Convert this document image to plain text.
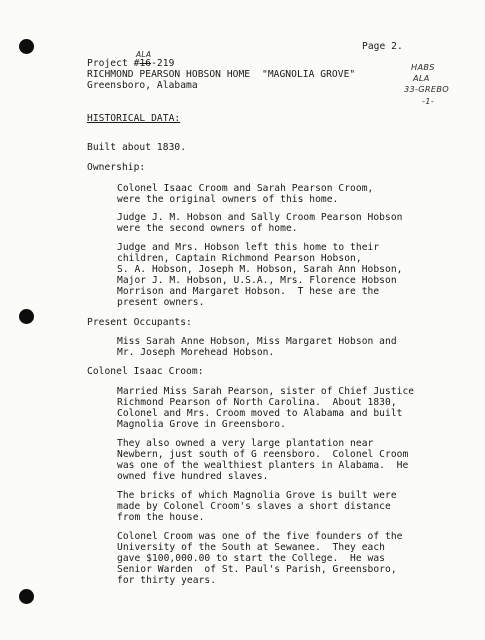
Page 2.
HABS
ALA
33-GREBO
-1-
ALA
Project #16-219
RICHMOND PEARSON HOBSON HOME "MAGNOLIA GROVE"
Greensboro, Alabama
HISTORICAL DATA:
Built about 1830.
Ownership:
Colonel Isaac Croom and Sarah Pearson Croom,
were the original owners of this home.
Judge J. M. Hobson and Sally Croom Pearson Hobson
were the second owners of home.
Judge and Mrs. Hobson left this home to their
children, Captain Richmond Pearson Hobson,
S. A. Hobson, Joseph M. Hobson, Sarah Ann Hobson,
Major J. M. Hobson, U.S.A., Mrs. Florence Hobson
Morrison and Margaret Hobson.  T hese are the
present owners.
Present Occupants:
Miss Sarah Anne Hobson, Miss Margaret Hobson and
Mr. Joseph Morehead Hobson.
Colonel Isaac Croom:
Married Miss Sarah Pearson, sister of Chief Justice
Richmond Pearson of North Carolina.  About 1830,
Colonel and Mrs. Croom moved to Alabama and built
Magnolia Grove in Greensboro.
They also owned a very large plantation near
Newbern, just south of G reensboro.  Colonel Croom
was one of the wealthiest planters in Alabama.  He
owned five hundred slaves.
The bricks of which Magnolia Grove is built were
made by Colonel Croom's slaves a short distance
from the house.
Colonel Croom was one of the five founders of the
University of the South at Sewanee.  They each
gave $100,000.00 to start the College.  He was
Senior Warden  of St. Paul's Parish, Greensboro,
for thirty years.
